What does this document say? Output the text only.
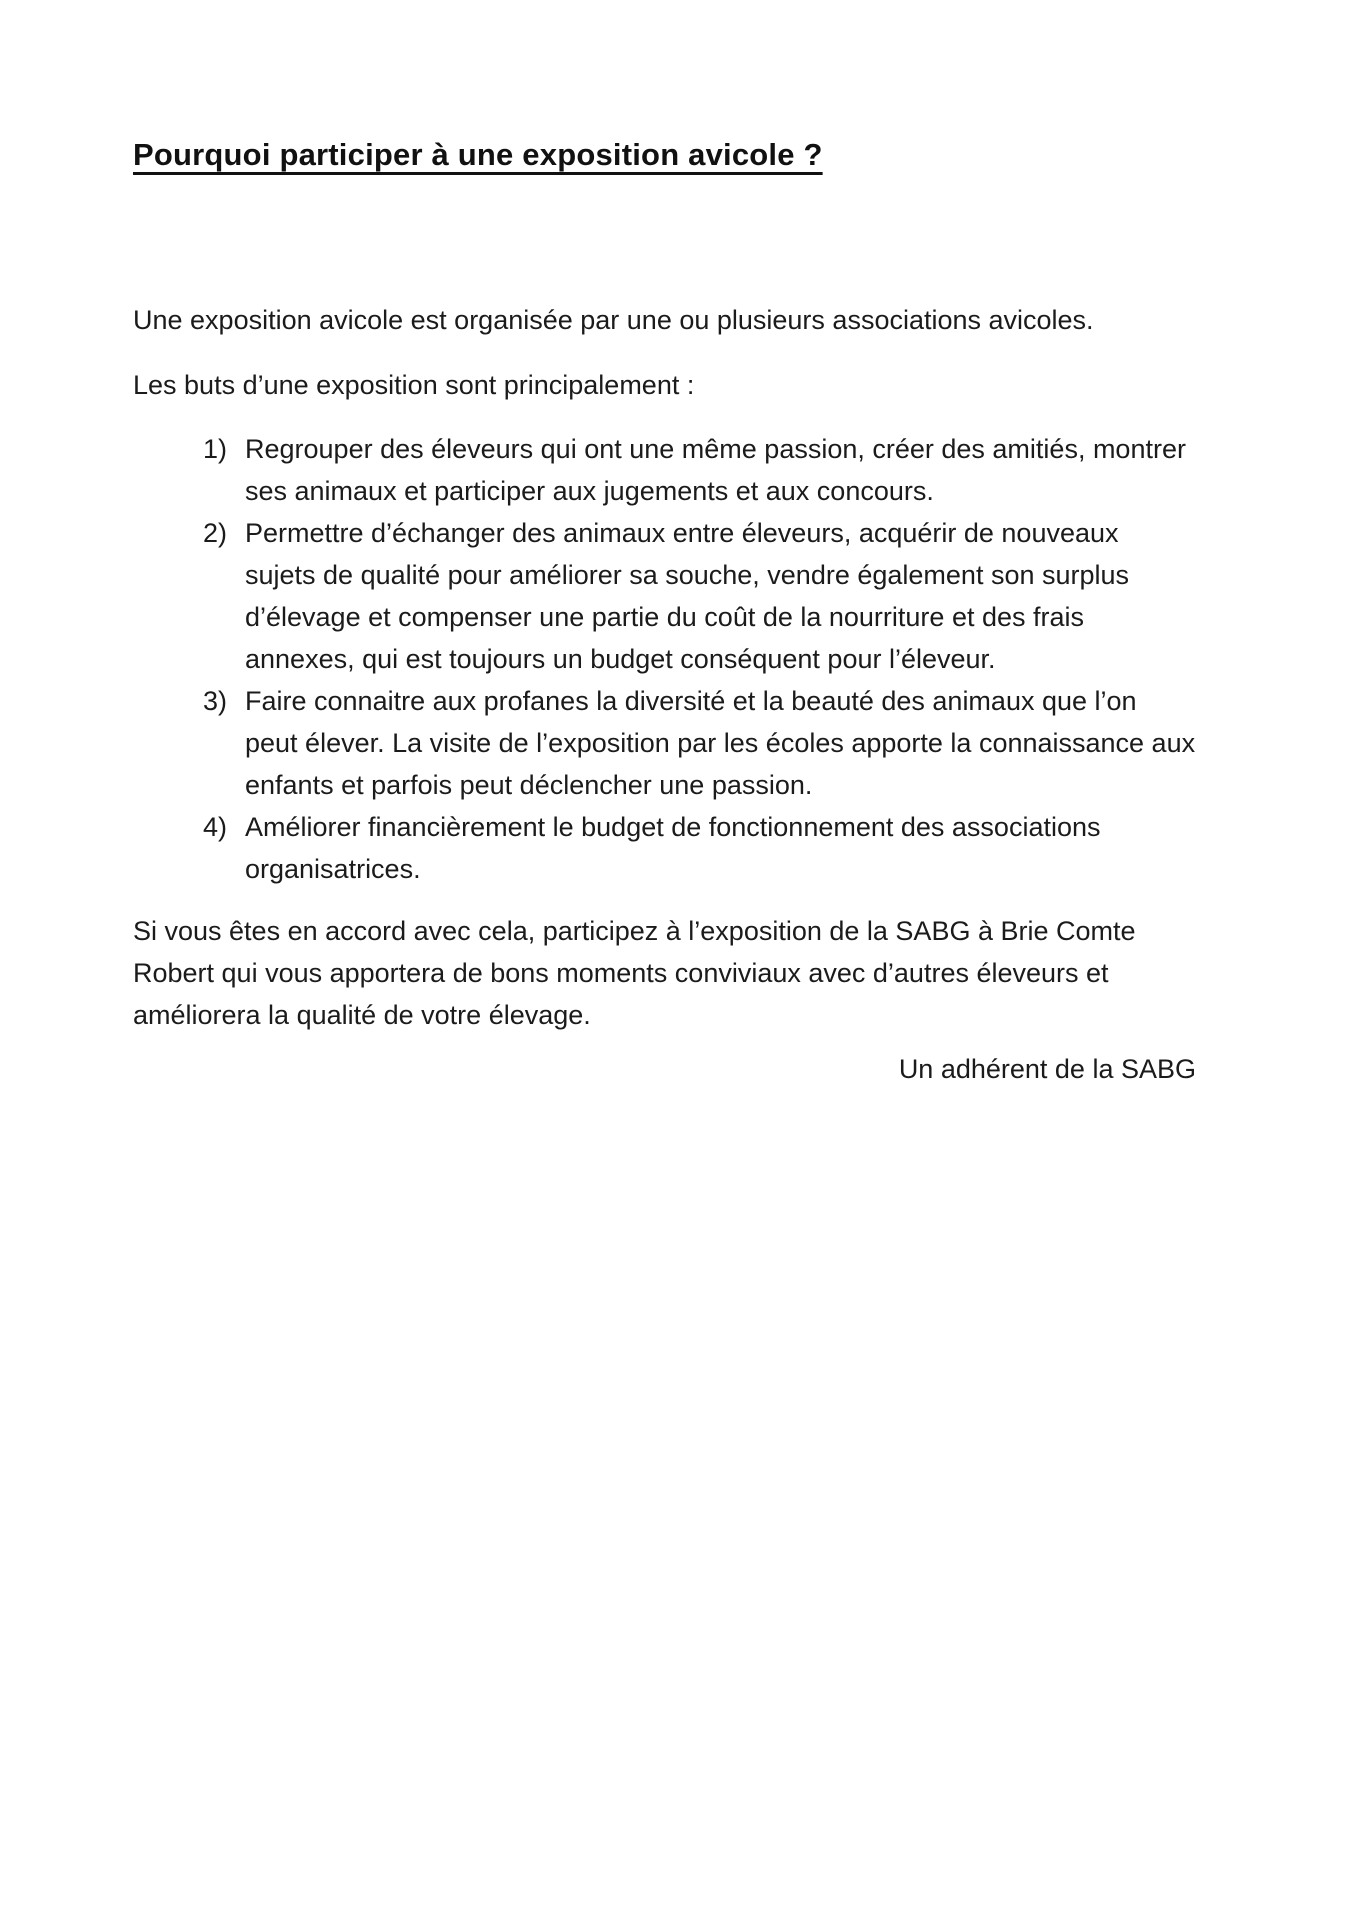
Pourquoi participer à une exposition avicole ?

Une exposition avicole est organisée par une ou plusieurs associations avicoles.

Les buts d’une exposition sont principalement :

Regrouper des éleveurs qui ont une même passion, créer des amitiés, montrer ses animaux et participer aux jugements et aux concours.
Permettre d’échanger des animaux entre éleveurs, acquérir de nouveaux sujets de qualité pour améliorer sa souche, vendre également son surplus d’élevage et compenser une partie du coût de la nourriture et des frais annexes, qui est toujours un budget conséquent pour l’éleveur.
Faire connaitre aux profanes la diversité et la beauté des animaux que l’on peut élever. La visite de l’exposition par les écoles apporte la connaissance aux enfants et parfois peut déclencher une passion.
Améliorer financièrement le budget de fonctionnement des associations organisatrices.

Si vous êtes en accord avec cela, participez à l’exposition de la SABG à Brie Comte Robert qui vous apportera de bons moments conviviaux avec d’autres éleveurs et améliorera la qualité de votre élevage.

Un adhérent de la SABG
